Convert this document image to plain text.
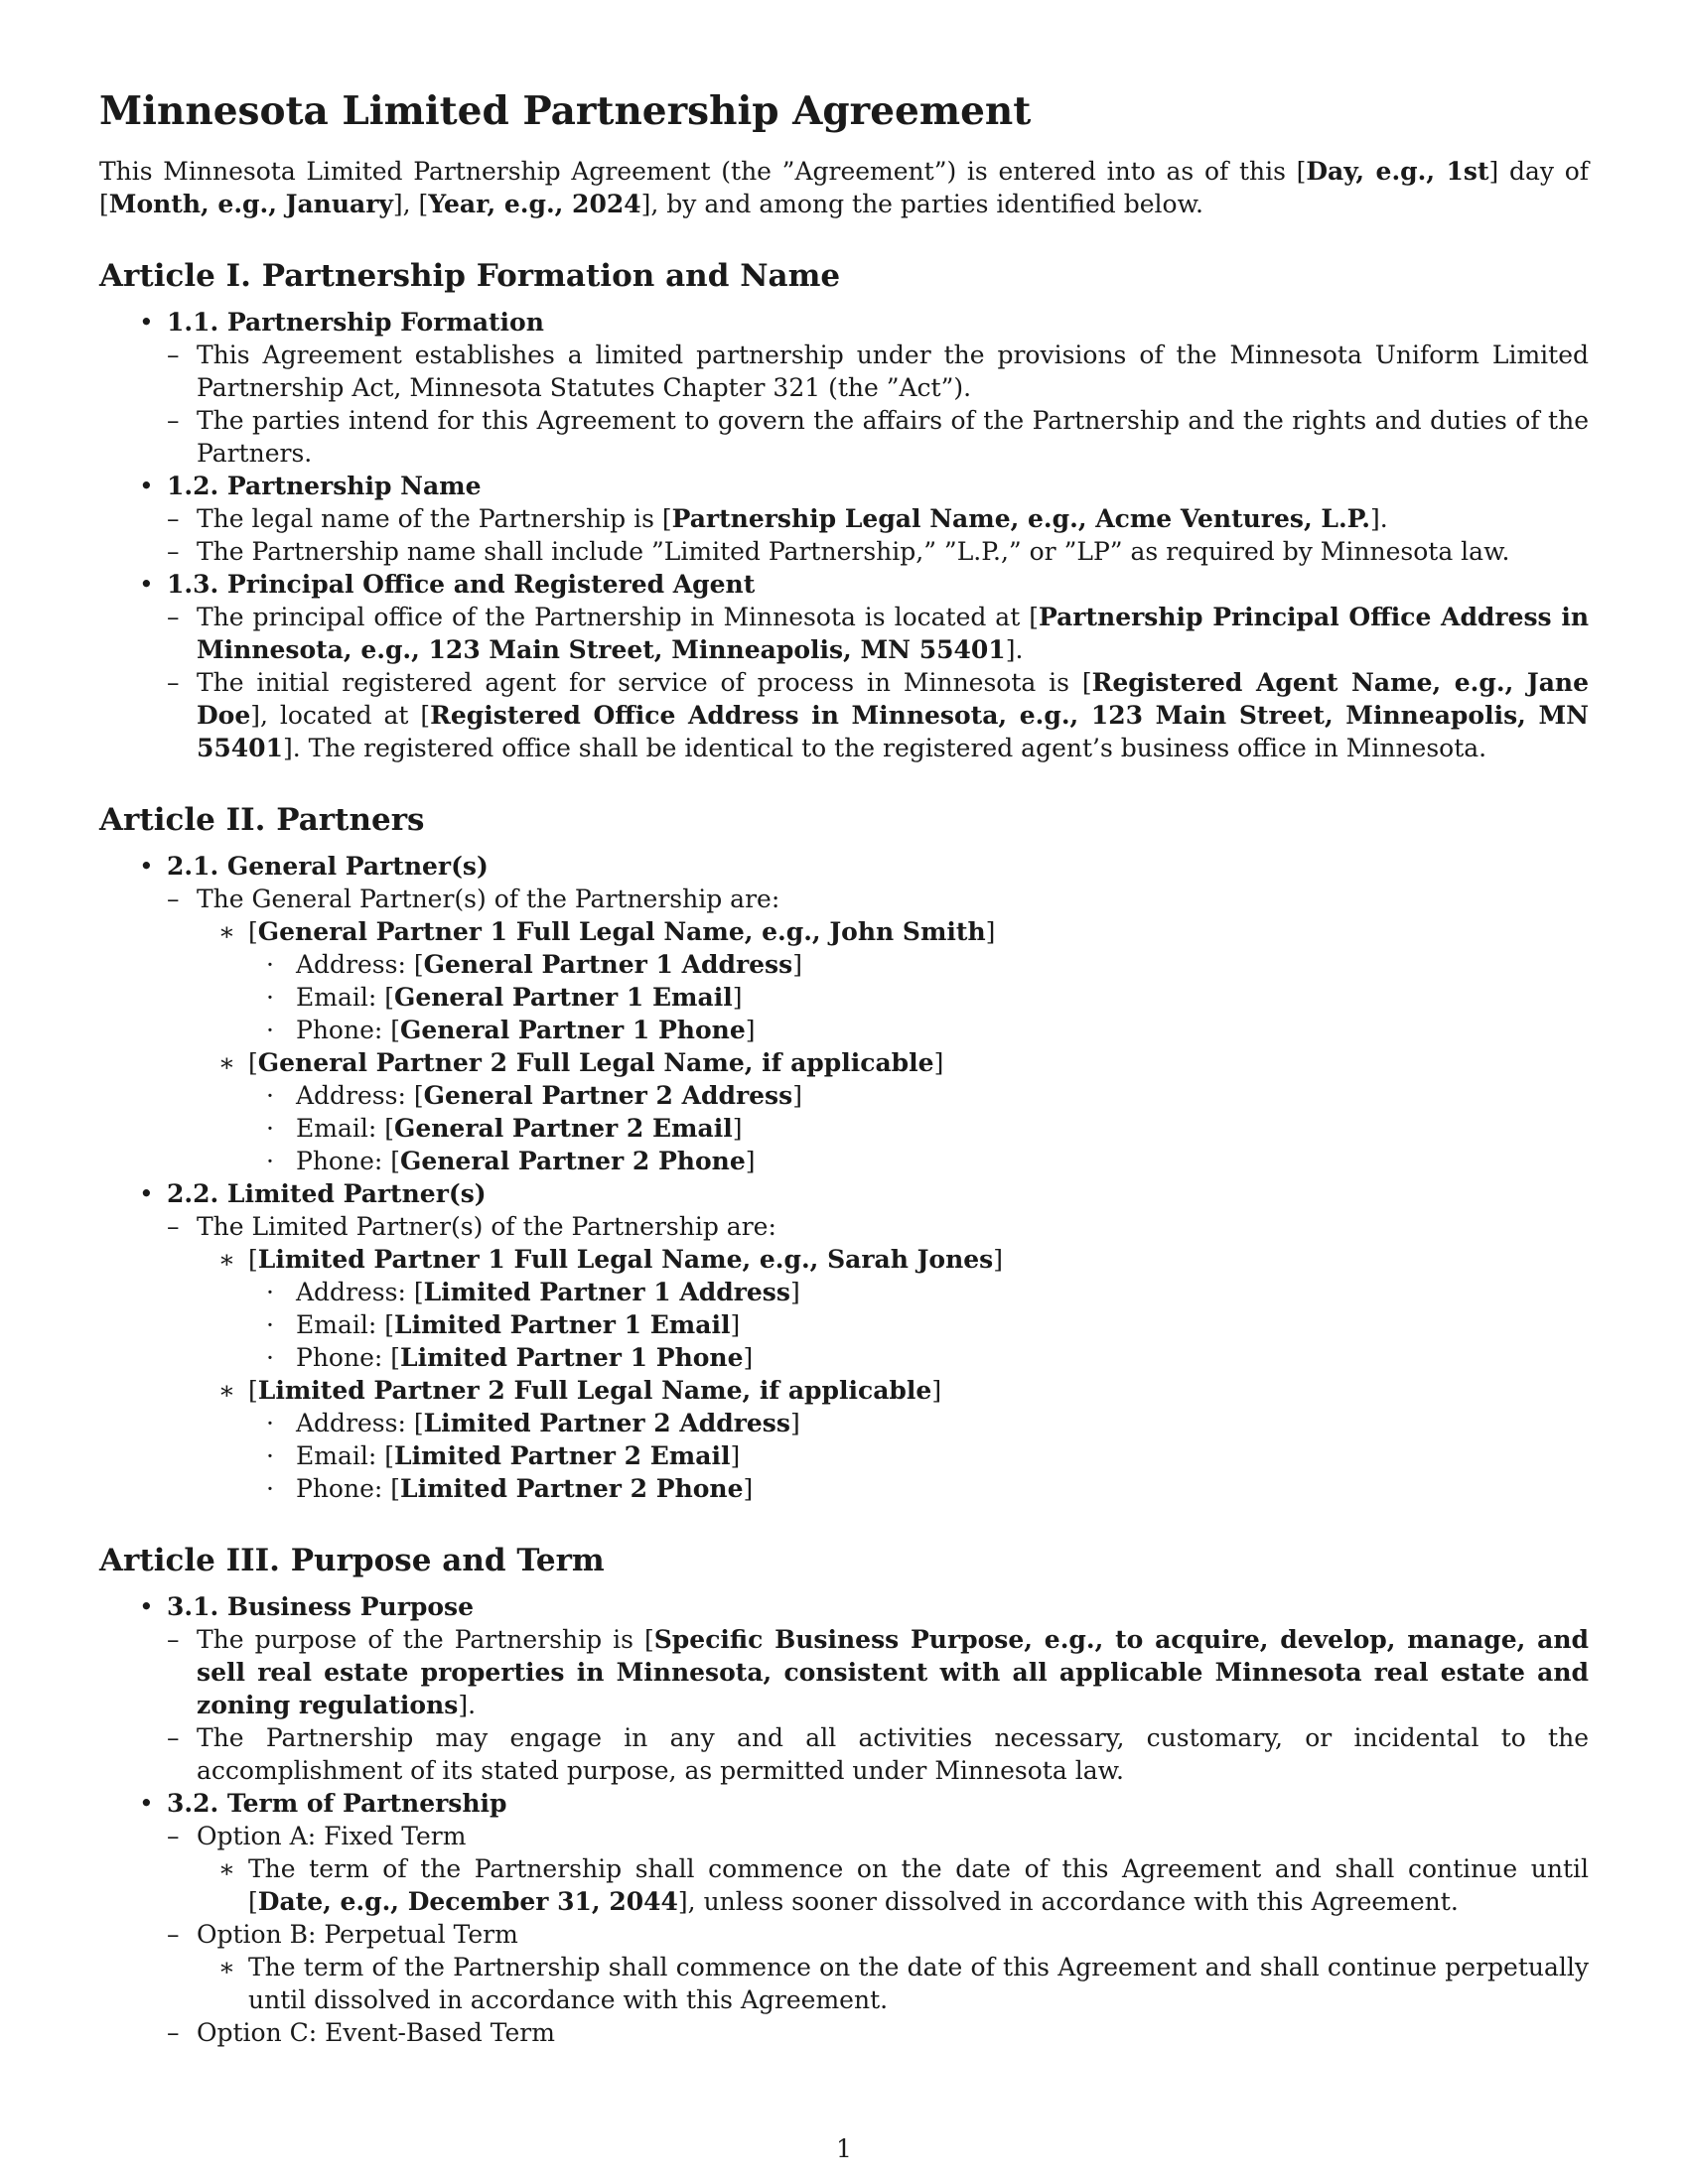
Minnesota Limited Partnership Agreement

This Minnesota Limited Partnership Agreement (the ”Agreement”) is entered into as of this [Day, e.g., 1st] day of [Month, e.g., January], [Year, e.g., 2024], by and among the parties identified below.

Article I. Partnership Formation and Name
• 1.1. Partnership Formation
– This Agreement establishes a limited partnership under the provisions of the Minnesota Uniform Limited Partnership Act, Minnesota Statutes Chapter 321 (the ”Act”).
– The parties intend for this Agreement to govern the affairs of the Partnership and the rights and duties of the Partners.
• 1.2. Partnership Name
– The legal name of the Partnership is [Partnership Legal Name, e.g., Acme Ventures, L.P.].
– The Partnership name shall include ”Limited Partnership,” ”L.P.,” or ”LP” as required by Minnesota law.
• 1.3. Principal Office and Registered Agent
– The principal office of the Partnership in Minnesota is located at [Partnership Principal Office Address in Minnesota, e.g., 123 Main Street, Minneapolis, MN 55401].
– The initial registered agent for service of process in Minnesota is [Registered Agent Name, e.g., Jane Doe], located at [Registered Office Address in Minnesota, e.g., 123 Main Street, Minneapolis, MN 55401]. The registered office shall be identical to the registered agent’s business office in Minnesota.
Article II. Partners
• 2.1. General Partner(s)
– The General Partner(s) of the Partnership are:
∗ [General Partner 1 Full Legal Name, e.g., John Smith]
· Address: [General Partner 1 Address]
· Email: [General Partner 1 Email]
· Phone: [General Partner 1 Phone]
∗ [General Partner 2 Full Legal Name, if applicable]
· Address: [General Partner 2 Address]
· Email: [General Partner 2 Email]
· Phone: [General Partner 2 Phone]
• 2.2. Limited Partner(s)
– The Limited Partner(s) of the Partnership are:
∗ [Limited Partner 1 Full Legal Name, e.g., Sarah Jones]
· Address: [Limited Partner 1 Address]
· Email: [Limited Partner 1 Email]
· Phone: [Limited Partner 1 Phone]
∗ [Limited Partner 2 Full Legal Name, if applicable]
· Address: [Limited Partner 2 Address]
· Email: [Limited Partner 2 Email]
· Phone: [Limited Partner 2 Phone]
Article III. Purpose and Term
• 3.1. Business Purpose
– The purpose of the Partnership is [Specific Business Purpose, e.g., to acquire, develop, manage, and sell real estate properties in Minnesota, consistent with all applicable Minnesota real estate and zoning regulations].
– The Partnership may engage in any and all activities necessary, customary, or incidental to the accomplishment of its stated purpose, as permitted under Minnesota law.
• 3.2. Term of Partnership
– Option A: Fixed Term
∗ The term of the Partnership shall commence on the date of this Agreement and shall continue until [Date, e.g., December 31, 2044], unless sooner dissolved in accordance with this Agreement.
– Option B: Perpetual Term
∗ The term of the Partnership shall commence on the date of this Agreement and shall continue perpetually until dissolved in accordance with this Agreement.
– Option C: Event-Based Term
1
